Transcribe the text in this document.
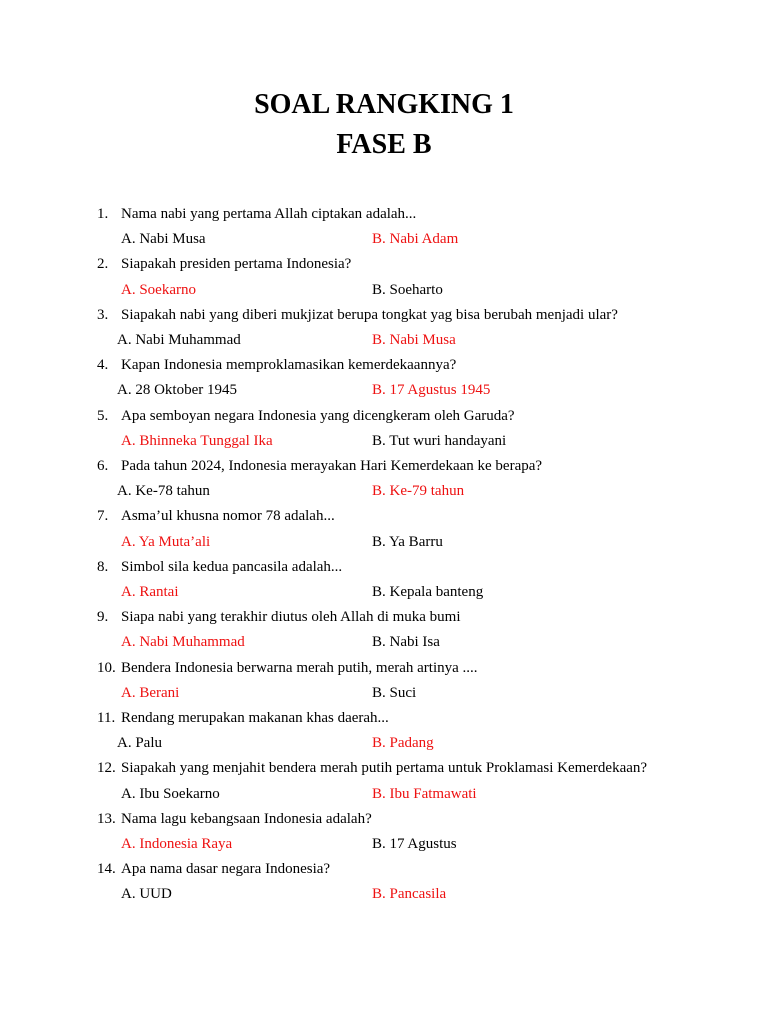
SOAL RANGKING 1
FASE B
1. Nama nabi yang pertama Allah ciptakan adalah...
A. Nabi Musa	B. Nabi Adam
2. Siapakah presiden pertama Indonesia?
A. Soekarno	B. Soeharto
3. Siapakah nabi yang diberi mukjizat berupa tongkat yag bisa berubah menjadi ular?
A. Nabi Muhammad	B. Nabi Musa
4. Kapan Indonesia memproklamasikan kemerdekaannya?
A. 28 Oktober 1945	B. 17 Agustus 1945
5. Apa semboyan negara Indonesia yang dicengkeram oleh Garuda?
A. Bhinneka Tunggal Ika	B. Tut wuri handayani
6. Pada tahun 2024, Indonesia merayakan Hari Kemerdekaan ke berapa?
A. Ke-78 tahun	B. Ke-79 tahun
7. Asma’ul khusna nomor 78 adalah...
A. Ya Muta’ali	B. Ya Barru
8. Simbol sila kedua pancasila adalah...
A. Rantai	B. Kepala banteng
9. Siapa nabi yang terakhir diutus oleh Allah di muka bumi
A. Nabi Muhammad	B. Nabi Isa
10. Bendera Indonesia berwarna merah putih, merah artinya ....
A. Berani	B. Suci
11. Rendang merupakan makanan khas daerah...
A. Palu	B. Padang
12. Siapakah yang menjahit bendera merah putih pertama untuk Proklamasi Kemerdekaan?
A. Ibu Soekarno	B. Ibu Fatmawati
13. Nama lagu kebangsaan Indonesia adalah?
A. Indonesia Raya	B. 17 Agustus
14. Apa nama dasar negara Indonesia?
A. UUD	B. Pancasila
